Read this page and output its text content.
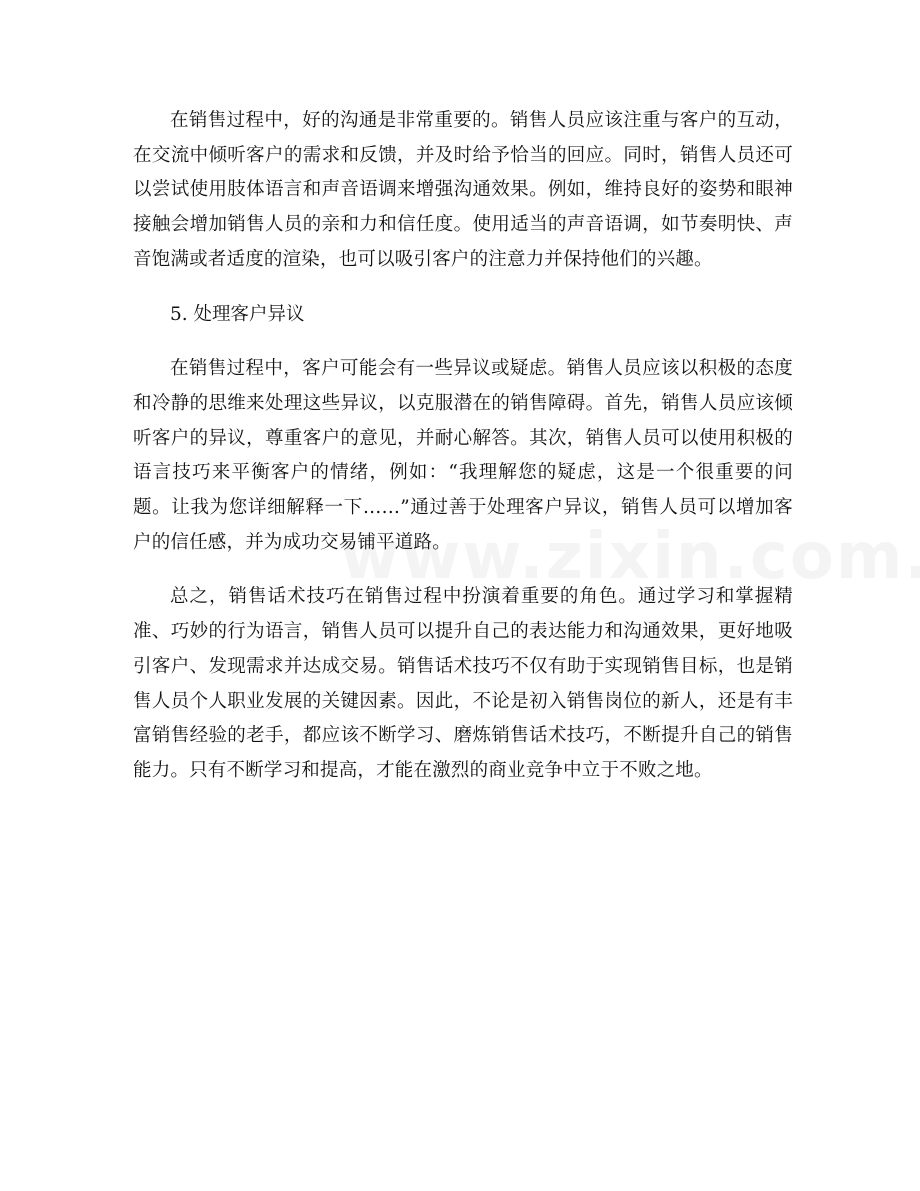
在销售过程中，好的沟通是非常重要的。销售人员应该注重与客户的互动，在交流中倾听客户的需求和反馈，并及时给予恰当的回应。同时，销售人员还可以尝试使用肢体语言和声音语调来增强沟通效果。例如，维持良好的姿势和眼神接触会增加销售人员的亲和力和信任度。使用适当的声音语调，如节奏明快、声音饱满或者适度的渲染，也可以吸引客户的注意力并保持他们的兴趣。

5. 处理客户异议

在销售过程中，客户可能会有一些异议或疑虑。销售人员应该以积极的态度和冷静的思维来处理这些异议，以克服潜在的销售障碍。首先，销售人员应该倾听客户的异议，尊重客户的意见，并耐心解答。其次，销售人员可以使用积极的语言技巧来平衡客户的情绪，例如：“我理解您的疑虑，这是一个很重要的问题。让我为您详细解释一下……”通过善于处理客户异议，销售人员可以增加客户的信任感，并为成功交易铺平道路。

总之，销售话术技巧在销售过程中扮演着重要的角色。通过学习和掌握精准、巧妙的行为语言，销售人员可以提升自己的表达能力和沟通效果，更好地吸引客户、发现需求并达成交易。销售话术技巧不仅有助于实现销售目标，也是销售人员个人职业发展的关键因素。因此，不论是初入销售岗位的新人，还是有丰富销售经验的老手，都应该不断学习、磨炼销售话术技巧，不断提升自己的销售能力。只有不断学习和提高，才能在激烈的商业竞争中立于不败之地。
